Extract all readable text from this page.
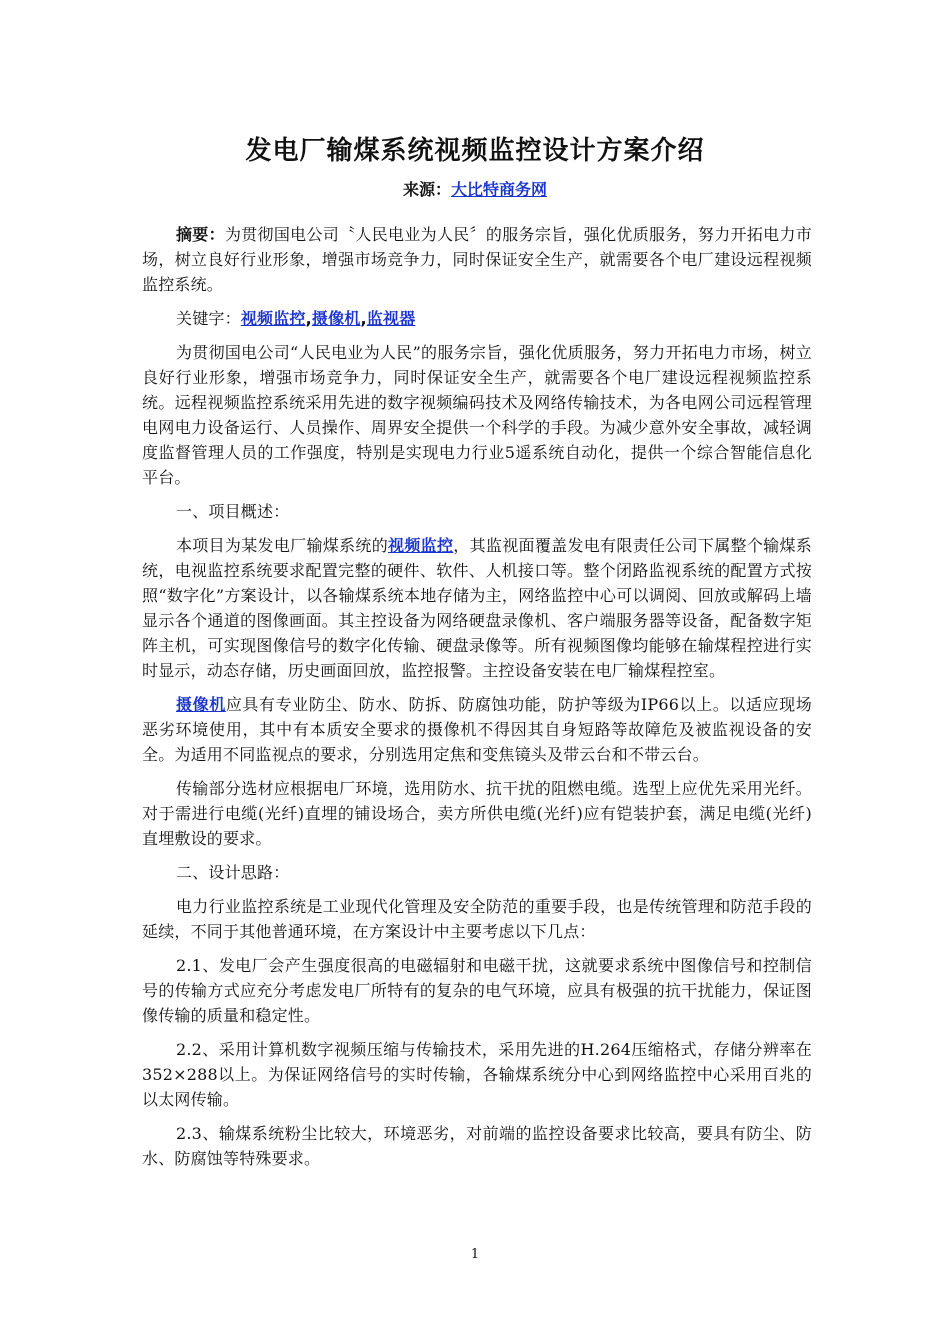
发电厂输煤系统视频监控设计方案介绍
来源：大比特商务网

摘要：为贯彻国电公司〝人民电业为人民〞的服务宗旨，强化优质服务，努力开拓电力市场，树立良好行业形象，增强市场竞争力，同时保证安全生产，就需要各个电厂建设远程视频监控系统。

关键字：视频监控,摄像机,监视器

为贯彻国电公司“人民电业为人民”的服务宗旨，强化优质服务，努力开拓电力市场，树立良好行业形象，增强市场竞争力，同时保证安全生产，就需要各个电厂建设远程视频监控系统。远程视频监控系统采用先进的数字视频编码技术及网络传输技术，为各电网公司远程管理电网电力设备运行、人员操作、周界安全提供一个科学的手段。为减少意外安全事故，减轻调度监督管理人员的工作强度，特别是实现电力行业5遥系统自动化，提供一个综合智能信息化平台。

一、项目概述：

本项目为某发电厂输煤系统的视频监控，其监视面覆盖发电有限责任公司下属整个输煤系统，电视监控系统要求配置完整的硬件、软件、人机接口等。整个闭路监视系统的配置方式按照“数字化”方案设计，以各输煤系统本地存储为主，网络监控中心可以调阅、回放或解码上墙显示各个通道的图像画面。其主控设备为网络硬盘录像机、客户端服务器等设备，配备数字矩阵主机，可实现图像信号的数字化传输、硬盘录像等。所有视频图像均能够在输煤程控进行实时显示，动态存储，历史画面回放，监控报警。主控设备安装在电厂输煤程控室。

摄像机应具有专业防尘、防水、防拆、防腐蚀功能，防护等级为IP66以上。以适应现场恶劣环境使用，其中有本质安全要求的摄像机不得因其自身短路等故障危及被监视设备的安全。为适用不同监视点的要求，分别选用定焦和变焦镜头及带云台和不带云台。

传输部分选材应根据电厂环境，选用防水、抗干扰的阻燃电缆。选型上应优先采用光纤。对于需进行电缆(光纤)直埋的铺设场合，卖方所供电缆(光纤)应有铠装护套，满足电缆(光纤)直埋敷设的要求。

二、设计思路：

电力行业监控系统是工业现代化管理及安全防范的重要手段，也是传统管理和防范手段的延续，不同于其他普通环境，在方案设计中主要考虑以下几点：

2.1、发电厂会产生强度很高的电磁辐射和电磁干扰，这就要求系统中图像信号和控制信号的传输方式应充分考虑发电厂所特有的复杂的电气环境，应具有极强的抗干扰能力，保证图像传输的质量和稳定性。

2.2、采用计算机数字视频压缩与传输技术，采用先进的H.264压缩格式，存储分辨率在352×288以上。为保证网络信号的实时传输，各输煤系统分中心到网络监控中心采用百兆的以太网传输。

2.3、输煤系统粉尘比较大，环境恶劣，对前端的监控设备要求比较高，要具有防尘、防水、防腐蚀等特殊要求。

1
